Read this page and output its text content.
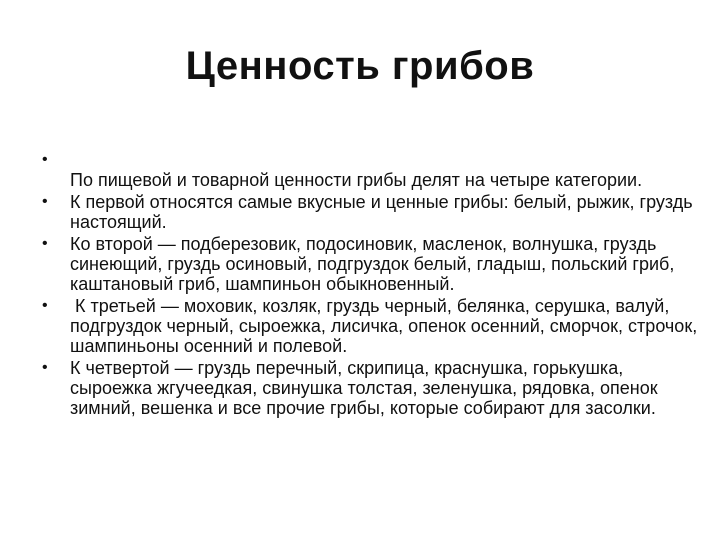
Ценность грибов
•
По пищевой и товарной ценности грибы делят на четыре категории.
• К первой относятся самые вкусные и ценные грибы: белый, рыжик, груздь настоящий.
• Ко второй — подберезовик, подосиновик, масленок, волнушка, груздь синеющий, груздь осиновый, подгруздок белый, гладыш, польский гриб, каштановый гриб, шампиньон обыкновенный.
• К третьей — моховик, козляк, груздь черный, белянка, серушка, валуй, подгруздок черный, сыроежка, лисичка, опенок осенний, сморчок, строчок, шампиньоны осенний и полевой.
• К четвертой — груздь перечный, скрипица, краснушка, горькушка, сыроежка жгучеедкая, свинушка толстая, зеленушка, рядовка, опенок зимний, вешенка и все прочие грибы, которые собирают для засолки.
